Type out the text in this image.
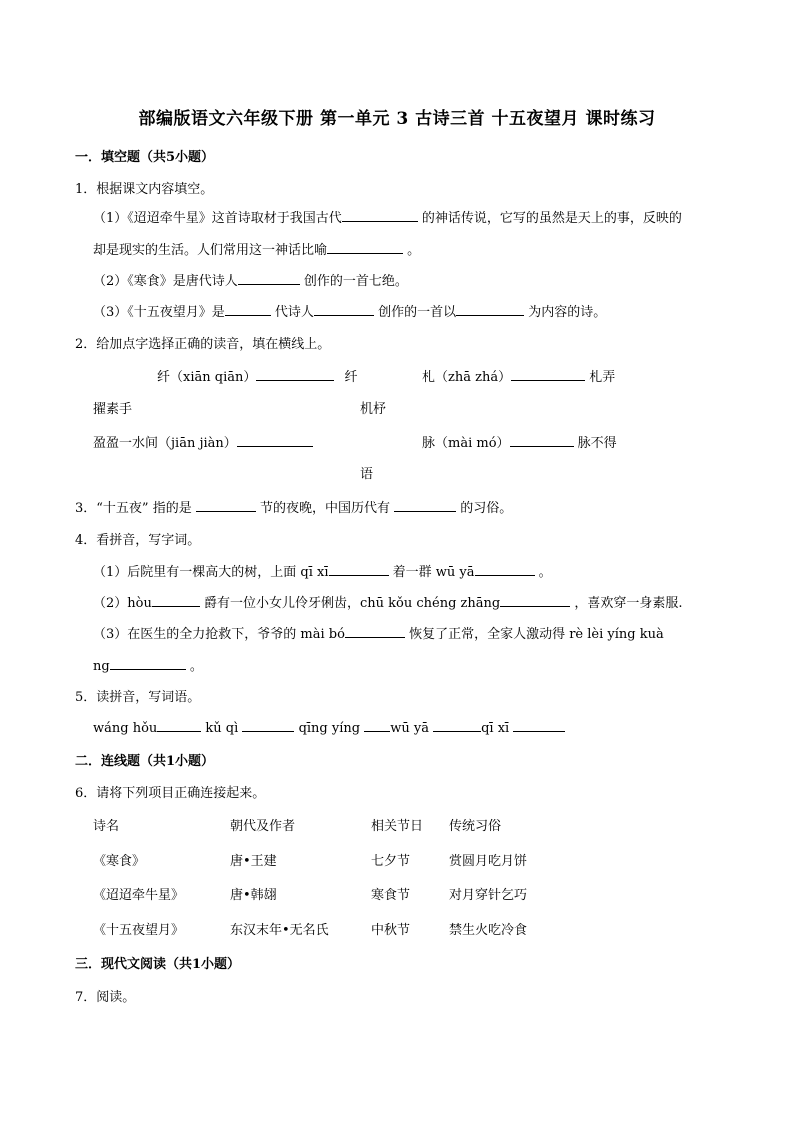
部编版语文六年级下册 第一单元 3 古诗三首 十五夜望月 课时练习
一．填空题（共5小题）
1．根据课文内容填空。
（1）《迢迢牵牛星》这首诗取材于我国古代	的神话传说，它写的虽然是天上的事，反映的
却是现实的生活。人们常用这一神话比喻	。
（2）《寒食》是唐代诗人	创作的一首七绝。
（3）《十五夜望月》是	代诗人	创作的一首以	为内容的诗。
2．给加点字选择正确的读音，填在横线上。
纤（xiān qiān）	纤
擢素手
札（zhā zhá）	札弄
机杼
盈盈一水间（jiān jiàn）	脉（mài mó）	脉不得
语
3．“十五夜” 指的是	节的夜晚，中国历代有	的习俗。
4．看拼音，写字词。
（1）后院里有一棵高大的树，上面 qī xī	着一群 wū yā	。
（2）hòu	爵有一位小女儿伶牙俐齿，chū kǒu chéng zhāng	，喜欢穿一身素服.
（3）在医生的全力抢救下，爷爷的 mài bó	恢复了正常，全家人激动得 rè lèi yíng kuà
ng	。
5．读拼音，写词语。
wáng hǒu	kǔ qì	qīng yíng wū yā	qī xī
二．连线题（共1小题）
6．请将下列项目正确连接起来。
诗名	朝代及作者	相关节日 传统习俗
《寒食》	唐•王建	七夕节	赏圆月吃月饼
《迢迢牵牛星》	唐•韩翃	寒食节	对月穿针乞巧
《十五夜望月》	东汉末年•无名氏	中秋节	禁生火吃冷食
三．现代文阅读（共1小题）
7．阅读。
